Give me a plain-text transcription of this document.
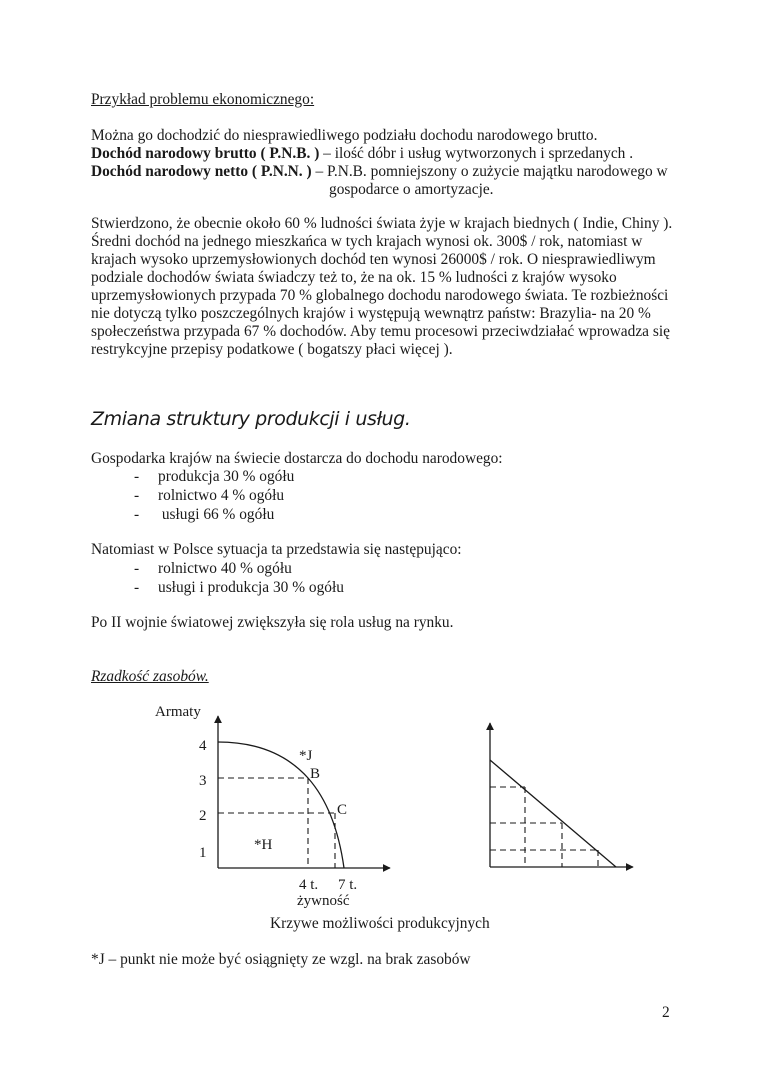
Przykład problemu ekonomicznego:
Można go dochodzić do niesprawiedliwego podziału dochodu narodowego brutto.
Dochód narodowy brutto ( P.N.B. ) – ilość dóbr i usług wytworzonych i sprzedanych .
Dochód narodowy netto ( P.N.N. ) – P.N.B. pomniejszony o zużycie majątku narodowego w
gospodarce o amortyzacje.
Stwierdzono, że obecnie około 60 % ludności świata żyje w krajach biednych ( Indie, Chiny ).
Średni dochód na jednego mieszkańca w tych krajach wynosi ok. 300$ / rok, natomiast w
krajach wysoko uprzemysłowionych dochód ten wynosi 26000$ / rok. O niesprawiedliwym
podziale dochodów świata świadczy też to, że na ok. 15 % ludności z krajów wysoko
uprzemysłowionych przypada 70 % globalnego dochodu narodowego świata. Te rozbieżności
nie dotyczą tylko poszczególnych krajów i występują wewnątrz państw: Brazylia- na 20 %
społeczeństwa przypada 67 % dochodów. Aby temu procesowi przeciwdziałać wprowadza się
restrykcyjne przepisy podatkowe ( bogatszy płaci więcej ).
Zmiana struktury produkcji i usług.
Gospodarka krajów na świecie dostarcza do dochodu narodowego:
- produkcja 30 % ogółu
- rolnictwo 4 % ogółu
- usługi 66 % ogółu
Natomiast w Polsce sytuacja ta przedstawia się następująco:
- rolnictwo 40 % ogółu
- usługi i produkcja 30 % ogółu
Po II wojnie światowej zwiększyła się rola usług na rynku.
Rzadkość zasobów.
Armaty
4
3
2
1
*J
B
C
*H
4 t. 7 t.
żywność
Krzywe możliwości produkcyjnych
*J – punkt nie może być osiągnięty ze wzgl. na brak zasobów
2
